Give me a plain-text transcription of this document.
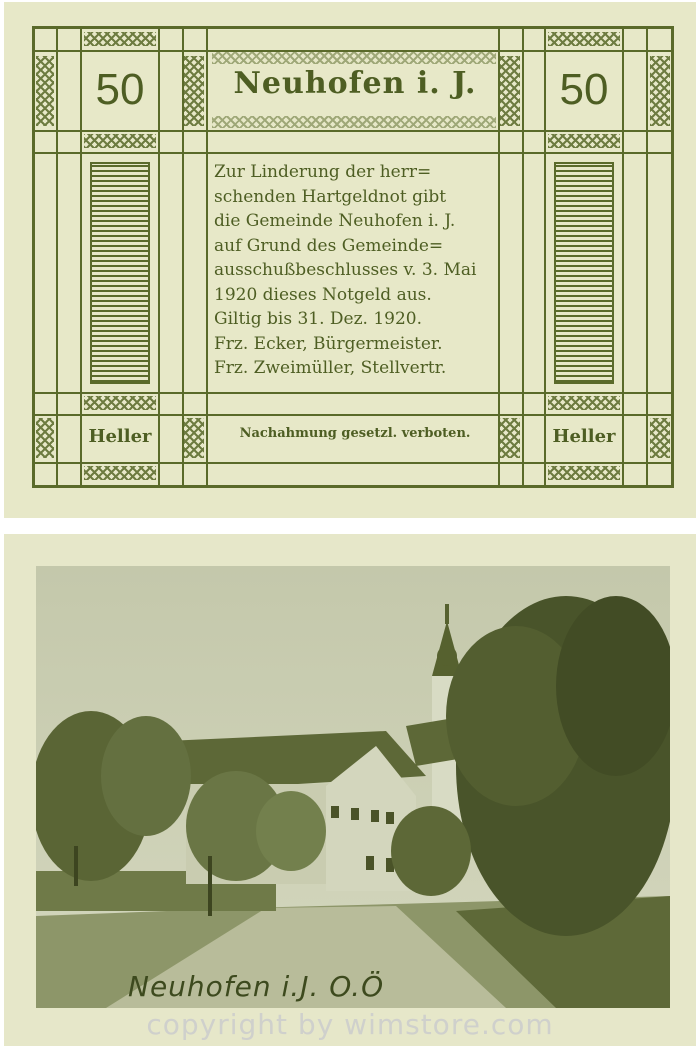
50	50
Neuhofen i. J.
Zur Linderung der herr=
schenden Hartgeldnot gibt
die Gemeinde Neuhofen i. J.
auf Grund des Gemeinde=
ausschußbeschlusses v. 3. Mai
1920 dieses Notgeld aus.
Giltig bis 31. Dez. 1920.
Frz. Ecker, Bürgermeister.
Frz. Zweimüller, Stellvertr.
Heller	Heller
Nachahmung gesetzl. verboten.
Neuhofen i.J. O.Ö
copyright by wimstore.com
